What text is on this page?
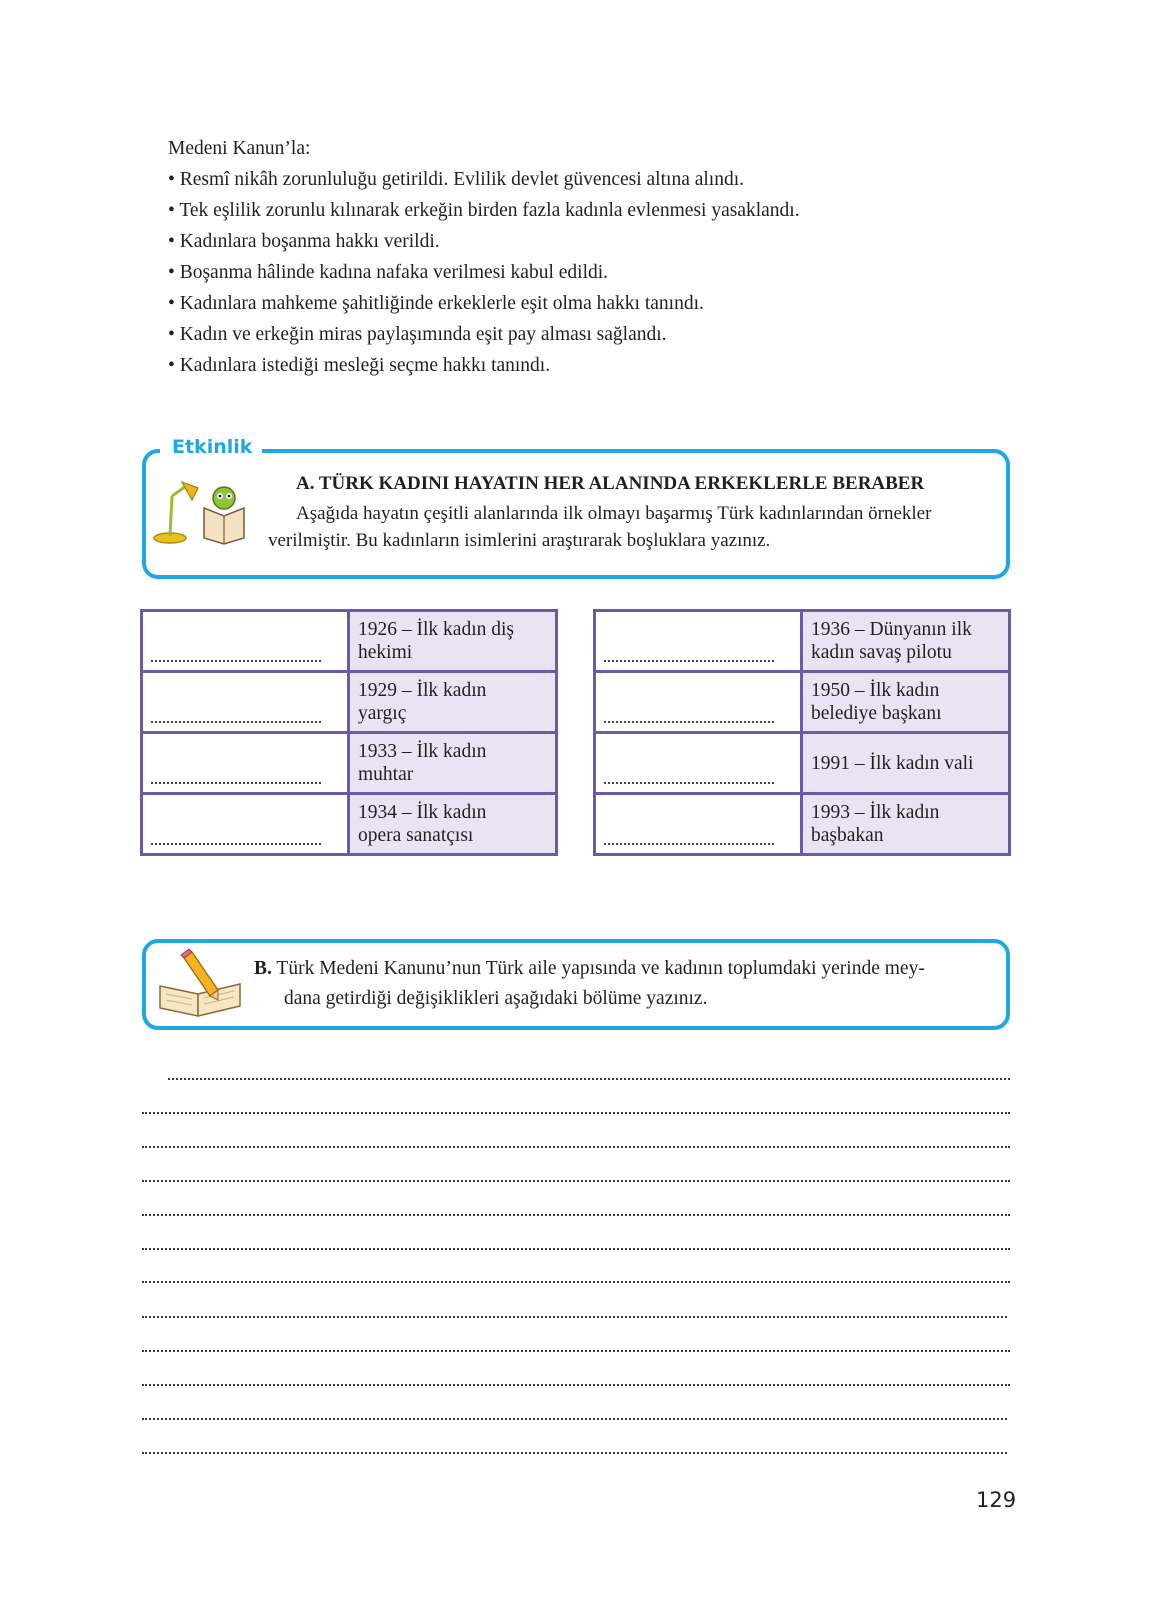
Medeni Kanun’la:
• Resmî nikâh zorunluluğu getirildi. Evlilik devlet güvencesi altına alındı.
• Tek eşlilik zorunlu kılınarak erkeğin birden fazla kadınla evlenmesi yasaklandı.
• Kadınlara boşanma hakkı verildi.
• Boşanma hâlinde kadına nafaka verilmesi kabul edildi.
• Kadınlara mahkeme şahitliğinde erkeklerle eşit olma hakkı tanındı.
• Kadın ve erkeğin miras paylaşımında eşit pay alması sağlandı.
• Kadınlara istediği mesleği seçme hakkı tanındı.
Etkinlik
A. TÜRK KADINI HAYATIN HER ALANINDA ERKEKLERLE BERABER
Aşağıda hayatın çeşitli alanlarında ilk olmayı başarmış Türk kadınlarından örnekler
verilmiştir. Bu kadınların isimlerini araştırarak boşluklara yazınız.
	1926 – İlk kadın diş
hekimi

	1929 – İlk kadın
yargıç

	1933 – İlk kadın
muhtar

	1934 – İlk kadın
opera sanatçısı
	1936 – Dünyanın ilk
kadın savaş pilotu

	1950 – İlk kadın
belediye başkanı

	1991 – İlk kadın vali

	1993 – İlk kadın
başbakan
B. Türk Medeni Kanunu’nun Türk aile yapısında ve kadının toplumdaki yerinde mey-
dana getirdiği değişiklikleri aşağıdaki bölüme yazınız.
129
